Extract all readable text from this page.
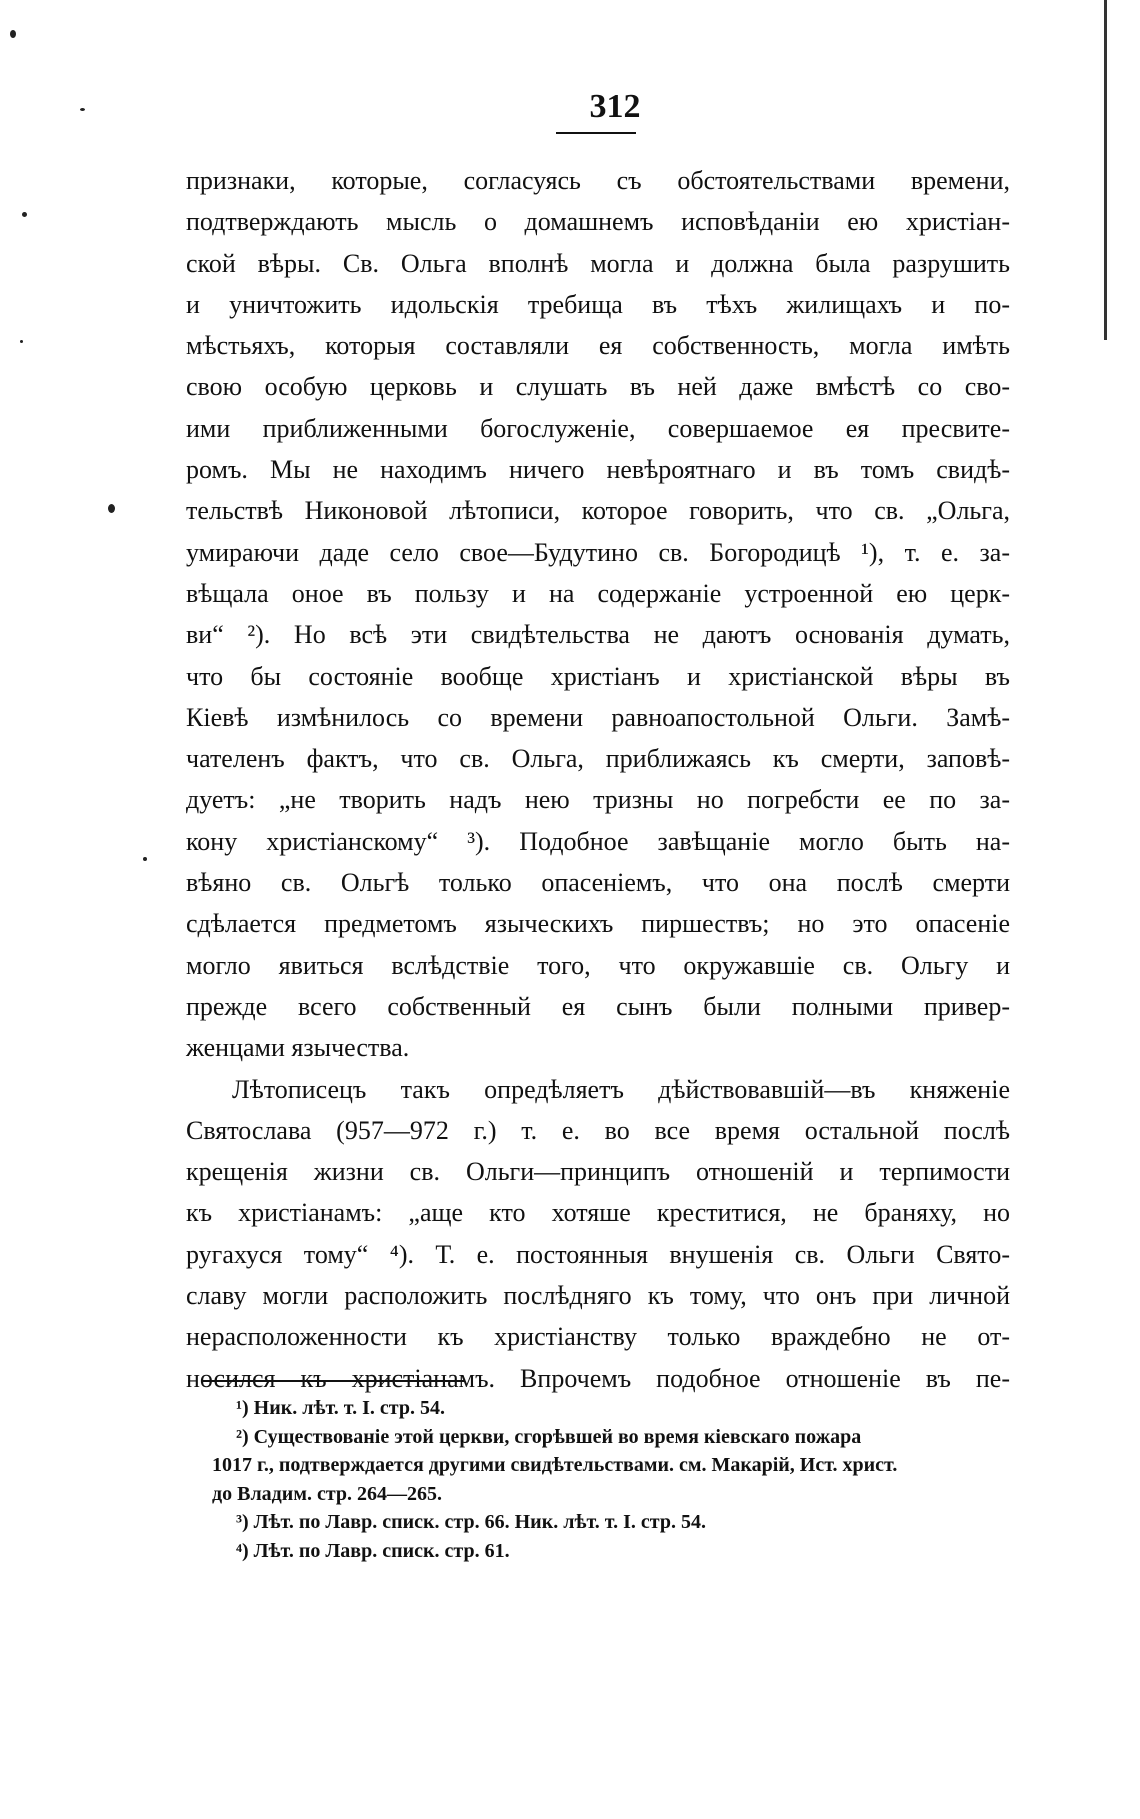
312
признаки, которые, согласуясь съ обстоятельствами времени,
подтверждають мысль о домашнемъ исповѣданіи ею христіан-
ской вѣры. Св. Ольга вполнѣ могла и должна была разрушить
и уничтожить идольскія требища въ тѣхъ жилищахъ и по-
мѣстьяхъ, которыя составляли ея собственность, могла имѣть
свою особую церковь и слушать въ ней даже вмѣстѣ со сво-
ими приближенными богослуженіе, совершаемое ея пресвите-
ромъ. Мы не находимъ ничего невѣроятнаго и въ томъ свидѣ-
тельствѣ Никоновой лѣтописи, которое говорить, что св. „Ольга,
умираючи даде село свое—Будутино св. Богородицѣ ¹), т. е. за-
вѣщала оное въ пользу и на содержаніе устроенной ею церк-
ви“ ²). Но всѣ эти свидѣтельства не даютъ основанія думать,
что бы состояніе вообще христіанъ и христіанской вѣры въ
Кіевѣ измѣнилось со времени равноапостольной Ольги. Замѣ-
чателенъ фактъ, что св. Ольга, приближаясь къ смерти, заповѣ-
дуетъ: „не творить надъ нею тризны но погребсти ее по за-
кону христіанскому“ ³). Подобное завѣщаніе могло быть на-
вѣяно св. Ольгѣ только опасеніемъ, что она послѣ смерти
сдѣлается предметомъ языческихъ пиршествъ; но это опасеніе
могло явиться вслѣдствіе того, что окружавшіе св. Ольгу и
прежде всего собственный ея сынъ были полными привер-
женцами язычества.
Лѣтописецъ такъ опредѣляетъ дѣйствовавшій—въ княженіе
Святослава (957—972 г.) т. е. во все время остальной послѣ
крещенія жизни св. Ольги—принципъ отношеній и терпимости
къ христіанамъ: „аще кто хотяше креститися, не браняху, но
ругахуся тому“ ⁴). Т. е. постоянныя внушенія св. Ольги Свято-
славу могли расположить послѣдняго къ тому, что онъ при личной
нерасположенности къ христіанству только враждебно не от-
носился къ христіанамъ. Впрочемъ подобное отношеніе въ пе-
¹) Ник. лѣт. т. I. стр. 54.
²) Существованіе этой церкви, сгорѣвшей во время кіевскаго пожара
1017 г., подтверждается другими свидѣтельствами. см. Макарій, Ист. христ.
до Владим. стр. 264—265.
³) Лѣт. по Лавр. списк. стр. 66. Ник. лѣт. т. I. стр. 54.
⁴) Лѣт. по Лавр. списк. стр. 61.
